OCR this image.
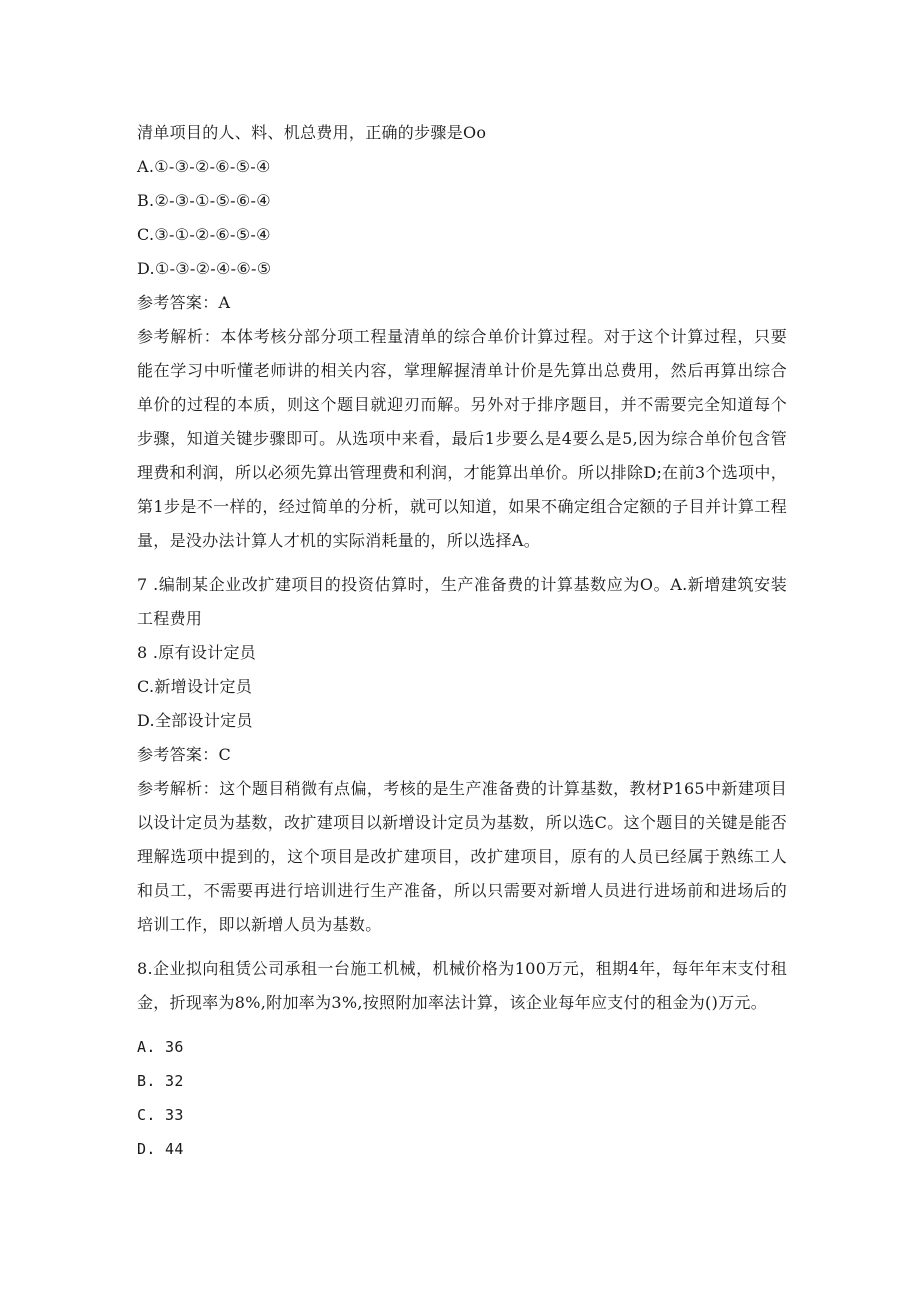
清单项目的人、料、机总费用，正确的步骤是Oo
A.①-③-②-⑥-⑤-④
B.②-③-①-⑤-⑥-④
C.③-①-②-⑥-⑤-④
D.①-③-②-④-⑥-⑤
参考答案：A

参考解析：本体考核分部分项工程量清单的综合单价计算过程。对于这个计算过程，只要能在学习中听懂老师讲的相关内容，掌理解握清单计价是先算出总费用，然后再算出综合单价的过程的本质，则这个题目就迎刃而解。另外对于排序题目，并不需要完全知道每个步骤，知道关键步骤即可。从选项中来看，最后1步要么是4要么是5,因为综合单价包含管理费和利润，所以必须先算出管理费和利润，才能算出单价。所以排除D;在前3个选项中，第1步是不一样的，经过简单的分析，就可以知道，如果不确定组合定额的子目并计算工程量，是没办法计算人才机的实际消耗量的，所以选择A。

7 .编制某企业改扩建项目的投资估算时，生产准备费的计算基数应为O。A.新增建筑安装工程费用

8 .原有设计定员
C.新增设计定员
D.全部设计定员
参考答案：C

参考解析：这个题目稍微有点偏，考核的是生产准备费的计算基数，教材P165中新建项目以设计定员为基数，改扩建项目以新增设计定员为基数，所以选C。这个题目的关键是能否理解选项中提到的，这个项目是改扩建项目，改扩建项目，原有的人员已经属于熟练工人和员工，不需要再进行培训进行生产准备，所以只需要对新增人员进行进场前和进场后的培训工作，即以新增人员为基数。

8.企业拟向租赁公司承租一台施工机械，机械价格为100万元，租期4年，每年年末支付租金，折现率为8%,附加率为3%,按照附加率法计算，该企业每年应支付的租金为()万元。

A. 36
B. 32
C. 33
D. 44
